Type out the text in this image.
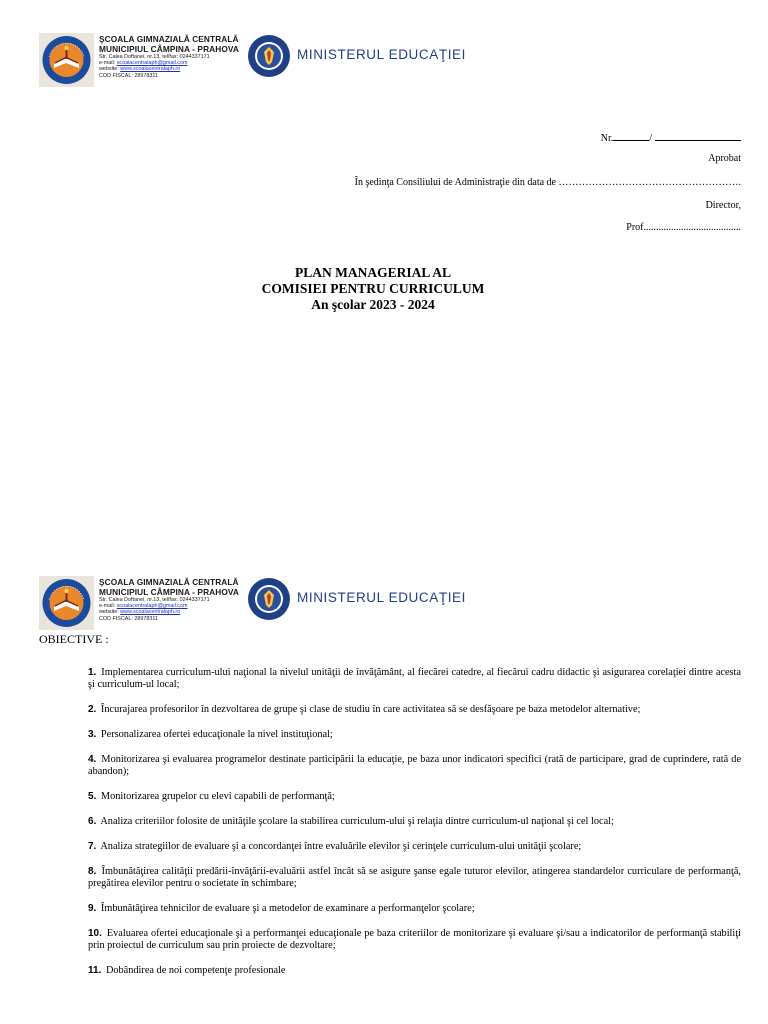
ŞCOALA GIMNAZIALĂ CENTRALĂ
MUNICIPIUL CÂMPINA - PRAHOVA
Str. Calea Doftanei, nr.13, tel/fax: 0244337171
e-mail: scoalacentralaph@gmail.com
website: www.scoalacentralaph.ro
COD FISCAL: 28978311
MINISTERUL EDUCAŢIEI
Nr.	/
Aprobat
În şedinţa Consiliului de Administraţie din data de ……………………………………………….
Director,
Prof.......................................
PLAN MANAGERIAL AL
COMISIEI PENTRU CURRICULUM
An şcolar 2023 - 2024
ŞCOALA GIMNAZIALĂ CENTRALĂ
MUNICIPIUL CÂMPINA - PRAHOVA
Str. Calea Doftanei, nr.13, tel/fax: 0244337171
e-mail: scoalacentralaph@gmail.com
website: www.scoalacentralaph.ro
COD FISCAL: 28978311
MINISTERUL EDUCAŢIEI
OBIECTIVE :
1. Implementarea curriculum-ului naţional la nivelul unităţii de învăţământ, al fiecărei catedre, al fiecărui cadru didactic şi asigurarea corelaţiei dintre acesta şi curriculum-ul local;
2. Încurajarea profesorilor în dezvoltarea de grupe şi clase de studiu în care activitatea să se desfăşoare pe baza metodelor alternative;
3. Personalizarea ofertei educaţionale la nivel instituţional;
4. Monitorizarea şi evaluarea programelor destinate participării la educaţie, pe baza unor indicatori specifici (rată de participare, grad de cuprindere, rată de abandon);
5. Monitorizarea grupelor cu elevi capabili de performanţă;
6. Analiza criteriilor folosite de unităţile şcolare la stabilirea curriculum-ului şi relaţia dintre curriculum-ul naţional şi cel local;
7. Analiza strategiilor de evaluare şi a concordanţei între evaluările elevilor şi cerinţele curriculum-ului unităţii şcolare;
8. Îmbunătăţirea calităţii predării-învăţării-evaluării astfel încât să se asigure şanse egale tuturor elevilor, atingerea standardelor curriculare de performanţă, pregătirea elevilor pentru o societate în schimbare;
9. Îmbunătăţirea tehnicilor de evaluare şi a metodelor de examinare a performanţelor şcolare;
10. Evaluarea ofertei educaţionale şi a performanţei educaţionale pe baza criteriilor de monitorizare şi evaluare şi/sau a indicatorilor de performanţă stabiliţi prin proiectul de curriculum sau prin proiecte de dezvoltare;
11. Dobândirea de noi competenţe profesionale
